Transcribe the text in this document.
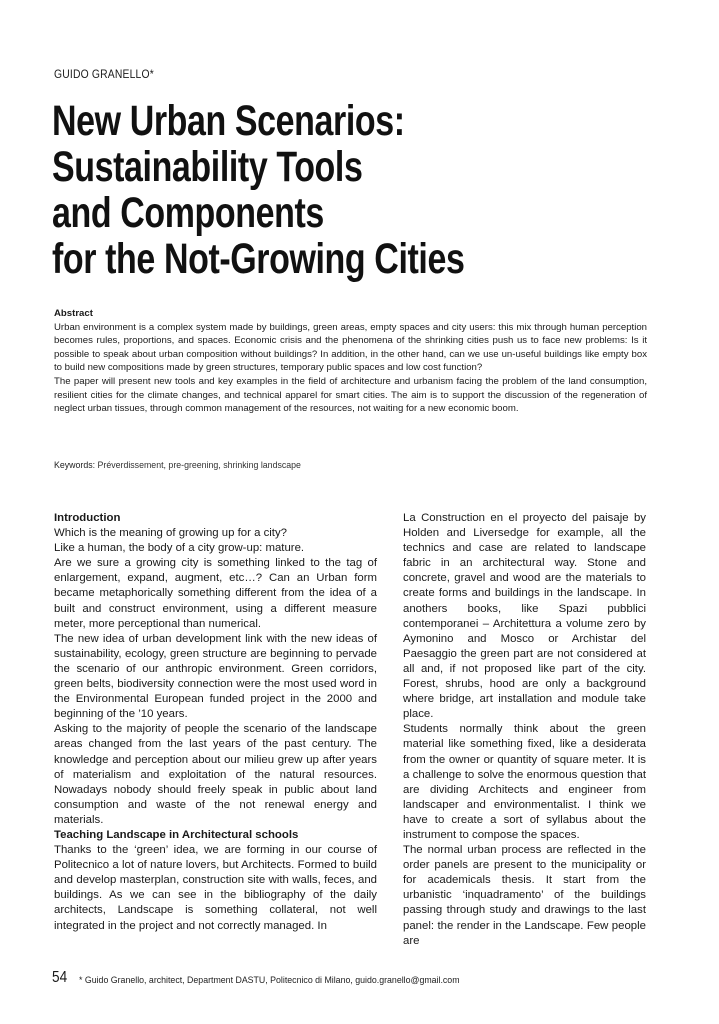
GUIDO GRANELLO*
New Urban Scenarios:
Sustainability Tools
and Components
for the Not-Growing Cities

Abstract

Urban environment is a complex system made by buildings, green areas, empty spaces and city users: this mix through human perception becomes rules, proportions, and spaces. Economic crisis and the phenomena of the shrinking cities push us to face new problems: Is it possible to speak about urban composition without buildings? In addition, in the other hand, can we use un-useful buildings like empty box to build new compositions made by green structures, temporary public spaces and low cost function?

The paper will present new tools and key examples in the field of architecture and urbanism facing the problem of the land consumption, resilient cities for the climate changes, and technical apparel for smart cities. The aim is to support the discussion of the regeneration of neglect urban tissues, through common management of the resources, not waiting for a new economic boom.

Keywords: Préverdissement, pre-greening, shrinking landscape

Introduction

Which is the meaning of growing up for a city?

Like a human, the body of a city grow-up: mature.

Are we sure a growing city is something linked to the tag of enlargement, expand, augment, etc…? Can an Urban form became metaphorically something different from the idea of a built and construct environment, using a different measure meter, more perceptional than numerical.

The new idea of urban development link with the new ideas of sustainability, ecology, green structure are beginning to pervade the scenario of our anthropic environment. Green corridors, green belts, biodiversity connection were the most used word in the Environmental European funded project in the 2000 and beginning of the ’10 years.

Asking to the majority of people the scenario of the landscape areas changed from the last years of the past century. The knowledge and perception about our milieu grew up after years of materialism and exploitation of the natural resources. Nowadays nobody should freely speak in public about land consumption and waste of the not renewal energy and materials.

Teaching Landscape in Architectural schools

Thanks to the ‘green’ idea, we are forming in our course of Politecnico a lot of nature lovers, but Architects. Formed to build and develop masterplan, construction site with walls, feces, and buildings. As we can see in the bibliography of the daily architects, Landscape is something collateral, not well integrated in the project and not correctly managed. In

La Construction en el proyecto del paisaje by Holden and Liversedge for example, all the technics and case are related to landscape fabric in an architectural way. Stone and concrete, gravel and wood are the materials to create forms and buildings in the landscape. In anothers books, like Spazi pubblici contemporanei – Architettura a volume zero by Aymonino and Mosco or Archistar del Paesaggio the green part are not considered at all and, if not proposed like part of the city. Forest, shrubs, hood are only a background where bridge, art installation and module take place.

Students normally think about the green material like something fixed, like a desiderata from the owner or quantity of square meter. It is a challenge to solve the enormous question that are dividing Architects and engineer from landscaper and environmentalist. I think we have to create a sort of syllabus about the instrument to compose the spaces.

The normal urban process are reflected in the order panels are present to the municipality or for academicals thesis. It start from the urbanistic ‘inquadramento’ of the buildings passing through study and drawings to the last panel: the render in the Landscape. Few people are

54 * Guido Granello, architect, Department DASTU, Politecnico di Milano, guido.granello@gmail.com
